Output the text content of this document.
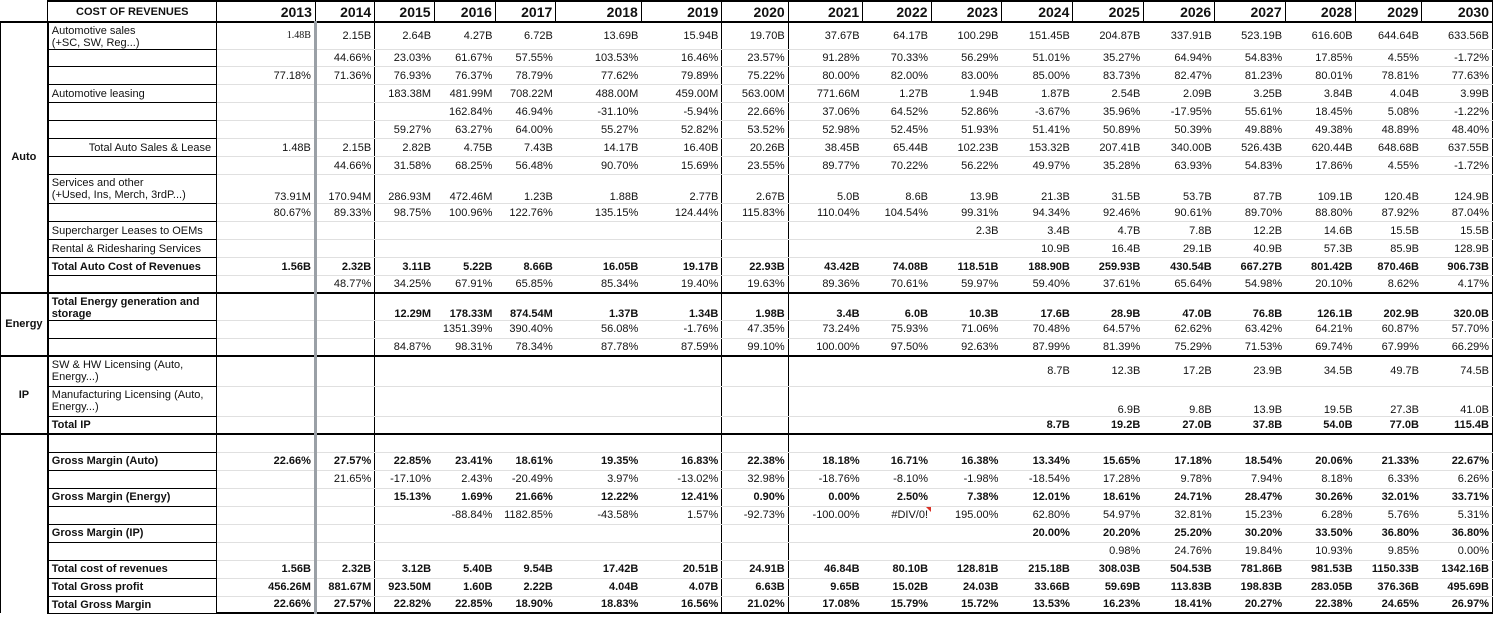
	COST OF REVENUES	2013	2014	2015	2016	2017	2018	2019	2020	2021	2022	2023	2024	2025	2026	2027	2028	2029	2030
Auto	Automotive sales
(+SC, SW, Reg...)	1.48B	2.15B	2.64B	4.27B	6.72B	13.69B	15.94B	19.70B	37.67B	64.17B	100.29B	151.45B	204.87B	337.91B	523.19B	616.60B	644.64B	633.56B
			44.66%	23.03%	61.67%	57.55%	103.53%	16.46%	23.57%	91.28%	70.33%	56.29%	51.01%	35.27%	64.94%	54.83%	17.85%	4.55%	-1.72%
		77.18%	71.36%	76.93%	76.37%	78.79%	77.62%	79.89%	75.22%	80.00%	82.00%	83.00%	85.00%	83.73%	82.47%	81.23%	80.01%	78.81%	77.63%
	Automotive leasing			183.38M	481.99M	708.22M	488.00M	459.00M	563.00M	771.66M	1.27B	1.94B	1.87B	2.54B	2.09B	3.25B	3.84B	4.04B	3.99B
					162.84%	46.94%	-31.10%	-5.94%	22.66%	37.06%	64.52%	52.86%	-3.67%	35.96%	-17.95%	55.61%	18.45%	5.08%	-1.22%
				59.27%	63.27%	64.00%	55.27%	52.82%	53.52%	52.98%	52.45%	51.93%	51.41%	50.89%	50.39%	49.88%	49.38%	48.89%	48.40%
	Total Auto Sales & Lease	1.48B	2.15B	2.82B	4.75B	7.43B	14.17B	16.40B	20.26B	38.45B	65.44B	102.23B	153.32B	207.41B	340.00B	526.43B	620.44B	648.68B	637.55B
			44.66%	31.58%	68.25%	56.48%	90.70%	15.69%	23.55%	89.77%	70.22%	56.22%	49.97%	35.28%	63.93%	54.83%	17.86%	4.55%	-1.72%

	Services and other
(+Used, Ins, Merch, 3rdP...)	73.91M	170.94M	286.93M	472.46M	1.23B	1.88B	2.77B	2.67B	5.0B	8.6B	13.9B	21.3B	31.5B	53.7B	87.7B	109.1B	120.4B	124.9B
		80.67%	89.33%	98.75%	100.96%	122.76%	135.15%	124.44%	115.83%	110.04%	104.54%	99.31%	94.34%	92.46%	90.61%	89.70%	88.80%	87.92%	87.04%
	Supercharger Leases to OEMs											2.3B	3.4B	4.7B	7.8B	12.2B	14.6B	15.5B	15.5B
	Rental & Ridesharing Services												10.9B	16.4B	29.1B	40.9B	57.3B	85.9B	128.9B
	Total Auto Cost of Revenues	1.56B	2.32B	3.11B	5.22B	8.66B	16.05B	19.17B	22.93B	43.42B	74.08B	118.51B	188.90B	259.93B	430.54B	667.27B	801.42B	870.46B	906.73B
			48.77%	34.25%	67.91%	65.85%	85.34%	19.40%	19.63%	89.36%	70.61%	59.97%	59.40%	37.61%	65.64%	54.98%	20.10%	8.62%	4.17%
Energy	Total Energy generation and
storage			12.29M	178.33M	874.54M	1.37B	1.34B	1.98B	3.4B	6.0B	10.3B	17.6B	28.9B	47.0B	76.8B	126.1B	202.9B	320.0B
					1351.39%	390.40%	56.08%	-1.76%	47.35%	73.24%	75.93%	71.06%	70.48%	64.57%	62.62%	63.42%	64.21%	60.87%	57.70%
				84.87%	98.31%	78.34%	87.78%	87.59%	99.10%	100.00%	97.50%	92.63%	87.99%	81.39%	75.29%	71.53%	69.74%	67.99%	66.29%
IP	SW & HW Licensing (Auto,
Energy...)												8.7B	12.3B	17.2B	23.9B	34.5B	49.7B	74.5B

	Manufacturing Licensing (Auto,
Energy...)													6.9B	9.8B	13.9B	19.5B	27.3B	41.0B
	Total IP												8.7B	19.2B	27.0B	37.8B	54.0B	77.0B	115.4B

	Gross Margin (Auto)	22.66%	27.57%	22.85%	23.41%	18.61%	19.35%	16.83%	22.38%	18.18%	16.71%	16.38%	13.34%	15.65%	17.18%	18.54%	20.06%	21.33%	22.67%
			21.65%	-17.10%	2.43%	-20.49%	3.97%	-13.02%	32.98%	-18.76%	-8.10%	-1.98%	-18.54%	17.28%	9.78%	7.94%	8.18%	6.33%	6.26%
	Gross Margin (Energy)			15.13%	1.69%	21.66%	12.22%	12.41%	0.90%	0.00%	2.50%	7.38%	12.01%	18.61%	24.71%	28.47%	30.26%	32.01%	33.71%
					-88.84%	1182.85%	-43.58%	1.57%	-92.73%	-100.00%	#DIV/0!	195.00%	62.80%	54.97%	32.81%	15.23%	6.28%	5.76%	5.31%
	Gross Margin (IP)												20.00%	20.20%	25.20%	30.20%	33.50%	36.80%	36.80%
														0.98%	24.76%	19.84%	10.93%	9.85%	0.00%
	Total cost of revenues	1.56B	2.32B	3.12B	5.40B	9.54B	17.42B	20.51B	24.91B	46.84B	80.10B	128.81B	215.18B	308.03B	504.53B	781.86B	981.53B	1150.33B	1342.16B
	Total Gross profit	456.26M	881.67M	923.50M	1.60B	2.22B	4.04B	4.07B	6.63B	9.65B	15.02B	24.03B	33.66B	59.69B	113.83B	198.83B	283.05B	376.36B	495.69B
	Total Gross Margin	22.66%	27.57%	22.82%	22.85%	18.90%	18.83%	16.56%	21.02%	17.08%	15.79%	15.72%	13.53%	16.23%	18.41%	20.27%	22.38%	24.65%	26.97%
